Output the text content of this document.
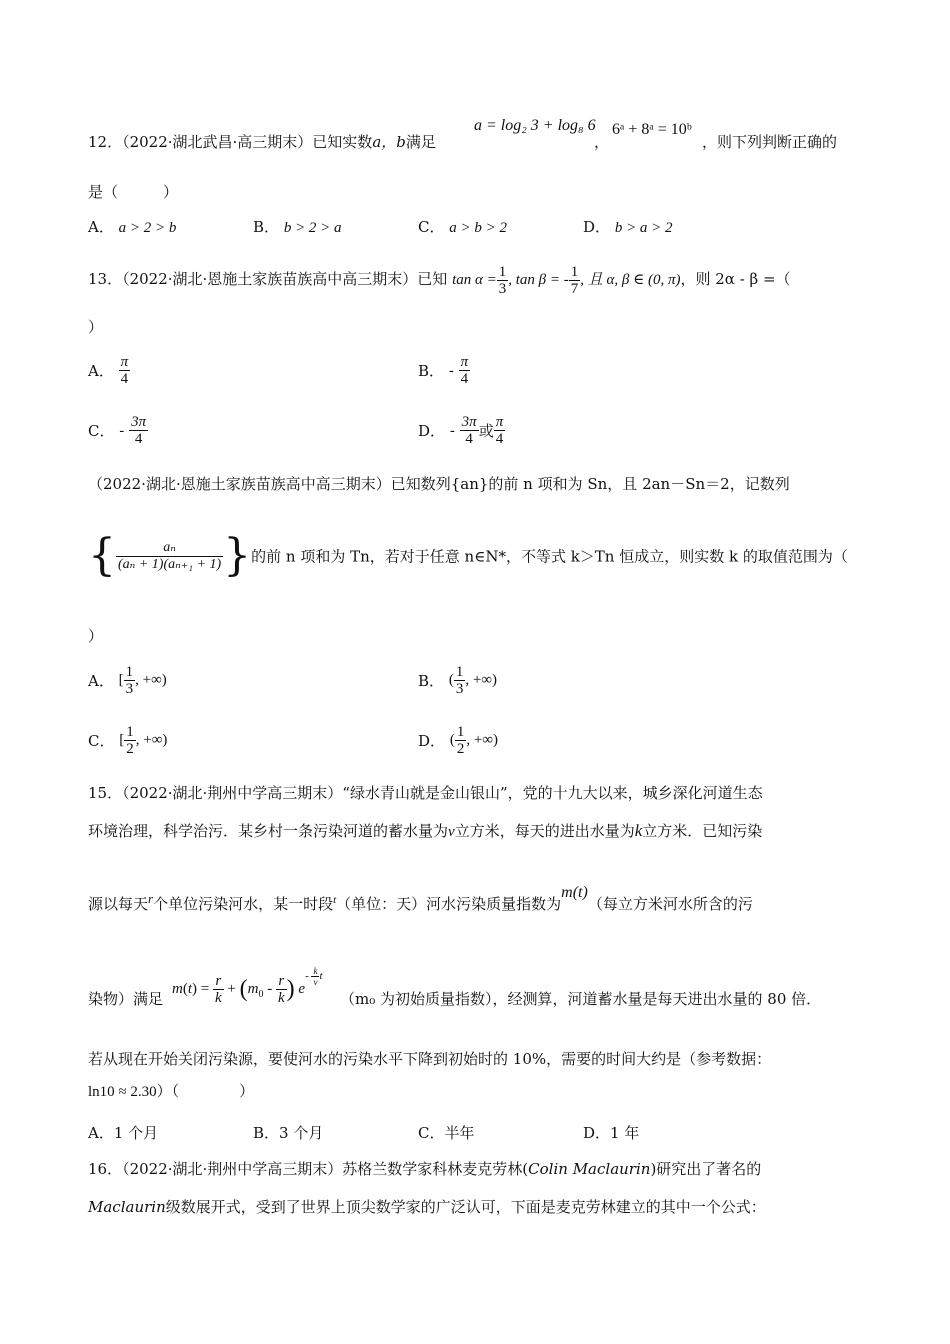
12．（2022·湖北武昌·高三期末）已知实数a，b满足
a = log₂ 3 + log₈ 6
，
6ᵃ + 8ᵃ = 10ᵇ
，则下列判断正确的
是（　　　）
A． a > 2 > b	B． b > 2 > a	C． a > b > 2	D． b > a > 2
13．（2022·湖北·恩施土家族苗族高中高三期末）已知 $\tan \alpha = \frac{1}{3}$ , tan β = - $\frac{1}{7}$ , 且 α, β ∈ (0, π)，则 2α - β =（
）
A． $\frac{\pi}{4}$	B． - $\frac{\pi}{4}$
C． - $\frac{3\pi}{4}$	D． - $\frac{3\pi}{4}$ 或 $\frac{\pi}{4}$
（2022·湖北·恩施土家族苗族高中高三期末）已知数列{an}的前 n 项和为 Sn，且 2an－Sn＝2，记数列
{ $\frac{\text{aₙ}}{\text{(aₙ + 1)(aₙ₊₁ + 1)}}$ }的前 n 项和为 Tn，若对于任意 n∈N*，不等式 k＞Tn 恒成立，则实数 k 的取值范围为（
）
A． [ $\frac{1}{3}$ , +∞)	B． ( $\frac{1}{3}$ , +∞)
C． [ $\frac{1}{2}$ , +∞)	D． ( $\frac{1}{2}$ , +∞)
15．（2022·湖北·荆州中学高三期末）“绿水青山就是金山银山”，党的十九大以来，城乡深化河道生态
环境治理，科学治污．某乡村一条污染河道的蓄水量为v立方米，每天的进出水量为k立方米．已知污染
源以每天r个单位污染河水，某一时段$^t$（单位：天）河水污染质量指数为m(t)（每立方米河水所含的污
染物）满足
$m(t) = \frac{r}{k} + (m_0 - \frac{r}{k}$ ) $e^{- \frac{k}{v} t}$
（m₀ 为初始质量指数），经测算，河道蓄水量是每天进出水量的 80 倍．
若从现在开始关闭污染源，要使河水的污染水平下降到初始时的 10%，需要的时间大约是（参考数据：
ln10 ≈ 2.30）（　　　　）
A．1 个月	B．3 个月	C．半年	D．1 年
16．（2022·湖北·荆州中学高三期末）苏格兰数学家科林麦克劳林(Colin Maclaurin)研究出了著名的
Maclaurin级数展开式，受到了世界上顶尖数学家的广泛认可，下面是麦克劳林建立的其中一个公式：
